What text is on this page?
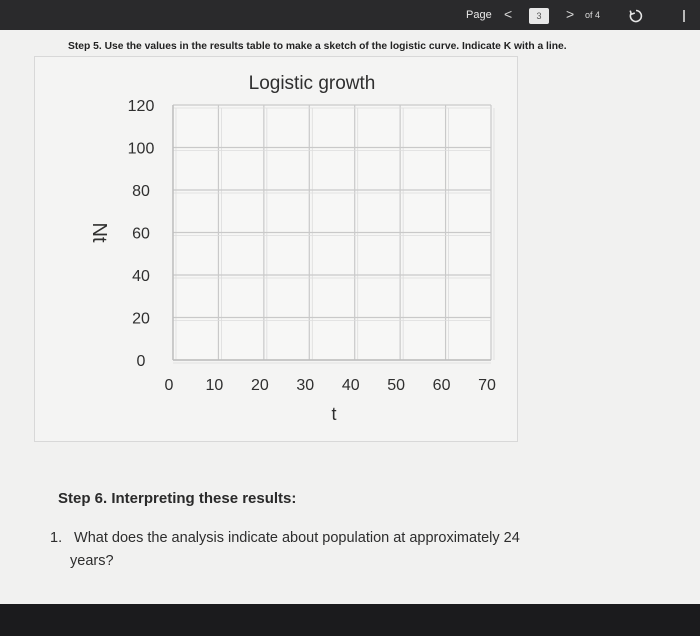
Page <	3	> of 4
Step 5. Use the values in the results table to make a sketch of the logistic curve. Indicate K with a line.
Logistic growth
0
20
40
60
80
100
120
0 10 20 30 40 50 60 70
t
Nt
Step 6. Interpreting these results:
1. What does the analysis indicate about population at approximately 24
years?
